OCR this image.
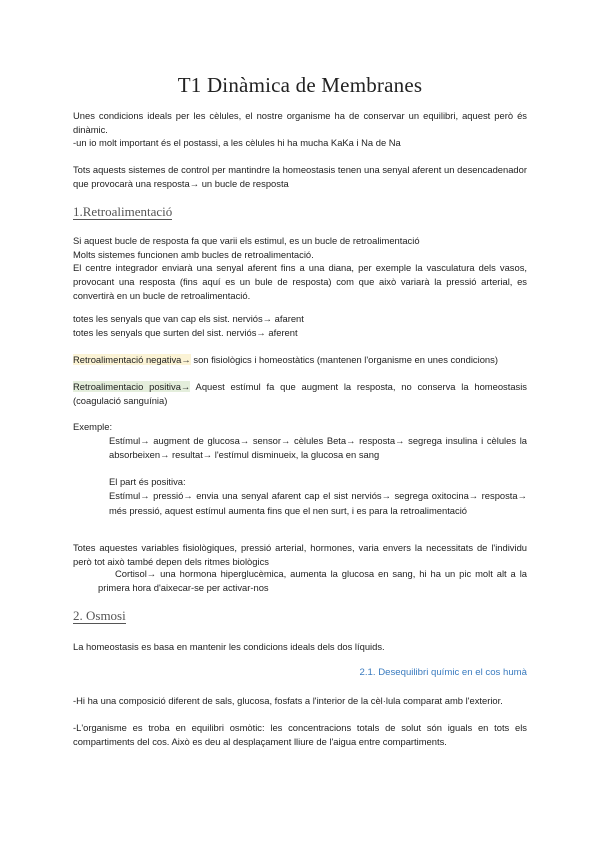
T1 Dinàmica de Membranes

Unes condicions ideals per les cèlules, el nostre organisme ha de conservar un equilibri, aquest però és dinàmic.

-un io molt important és el postassi, a les cèlules hi ha mucha KaKa i Na de Na

Tots aquests sistemes de control per mantindre la homeostasis tenen una senyal aferent un desencadenador que provocarà una resposta→ un bucle de resposta

1.Retroalimentació

Si aquest bucle de resposta fa que varii els estimul, es un bucle de retroalimentació

Molts sistemes funcionen amb bucles de retroalimentació.

El centre integrador enviarà una senyal aferent fins a una diana, per exemple la vasculatura dels vasos, provocant una resposta (fins aquí es un bule de resposta) com que això variarà la pressió arterial, es convertirà en un bucle de retroalimentació.

totes les senyals que van cap els sist. nerviós→ afarent

totes les senyals que surten del sist. nerviós→ aferent

Retroalimentació negativa→ son fisiològics i homeostàtics (mantenen l'organisme en unes condicions)

Retroalimentacio positiva→ Aquest estímul fa que augment la resposta, no conserva la homeostasis (coagulació sanguínia)

Exemple:

Estímul→ augment de glucosa→ sensor→ cèlules Beta→ resposta→ segrega insulina i cèlules la absorbeixen→ resultat→ l'estímul disminueix, la glucosa en sang

El part és positiva:

Estímul→ pressió→ envia una senyal afarent cap el sist nerviós→ segrega oxitocina→ resposta→ més pressió, aquest estímul aumenta fins que el nen surt, i es para la retroalimentació

Totes aquestes variables fisiològiques, pressió arterial, hormones, varia envers la necessitats de l'individu però tot això també depen dels ritmes biològics

Cortisol→ una hormona hiperglucèmica, aumenta la glucosa en sang, hi ha un pic molt alt a la primera hora d'aixecar-se per activar-nos

2. Osmosi

La homeostasis es basa en mantenir les condicions ideals dels dos líquids.

2.1. Desequilibri químic en el cos humà

-Hi ha una composició diferent de sals, glucosa, fosfats a l'interior de la cèl·lula comparat amb l'exterior.

-L'organisme es troba en equilibri osmòtic: les concentracions totals de solut són iguals en tots els compartiments del cos. Això es deu al desplaçament lliure de l'aigua entre compartiments.
